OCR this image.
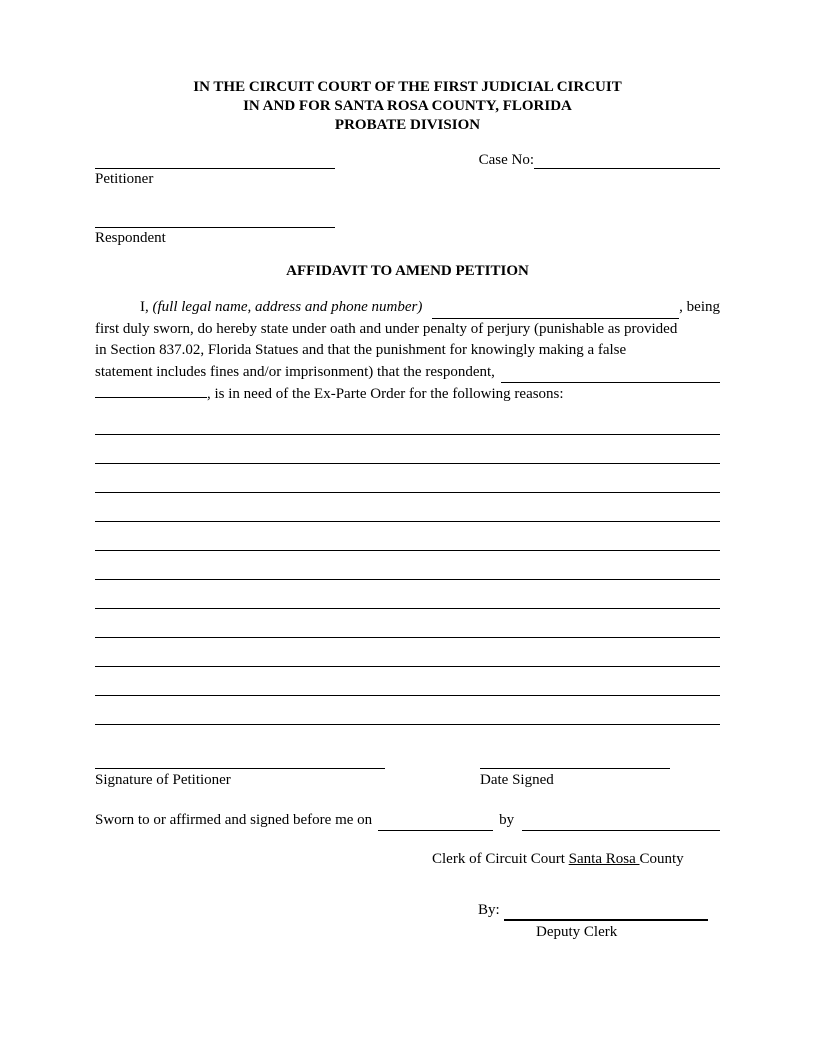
IN THE CIRCUIT COURT OF THE FIRST JUDICIAL CIRCUIT
IN AND FOR SANTA ROSA COUNTY, FLORIDA
PROBATE DIVISION
Petitioner
Case No:
Respondent
AFFIDAVIT TO AMEND PETITION
I, (full legal name, address and phone number)
	, being
first duly sworn, do hereby state under oath and under penalty of perjury (punishable as provided
in Section 837.02, Florida Statues and that the punishment for knowingly making a false
statement includes fines and/or imprisonment) that the respondent,
, is in need of the Ex-Parte Order for the following reasons:
Signature of Petitioner	Date Signed
Sworn to or affirmed and signed before me on	by
Clerk of Circuit Court Santa Rosa County
By:
Deputy Clerk
